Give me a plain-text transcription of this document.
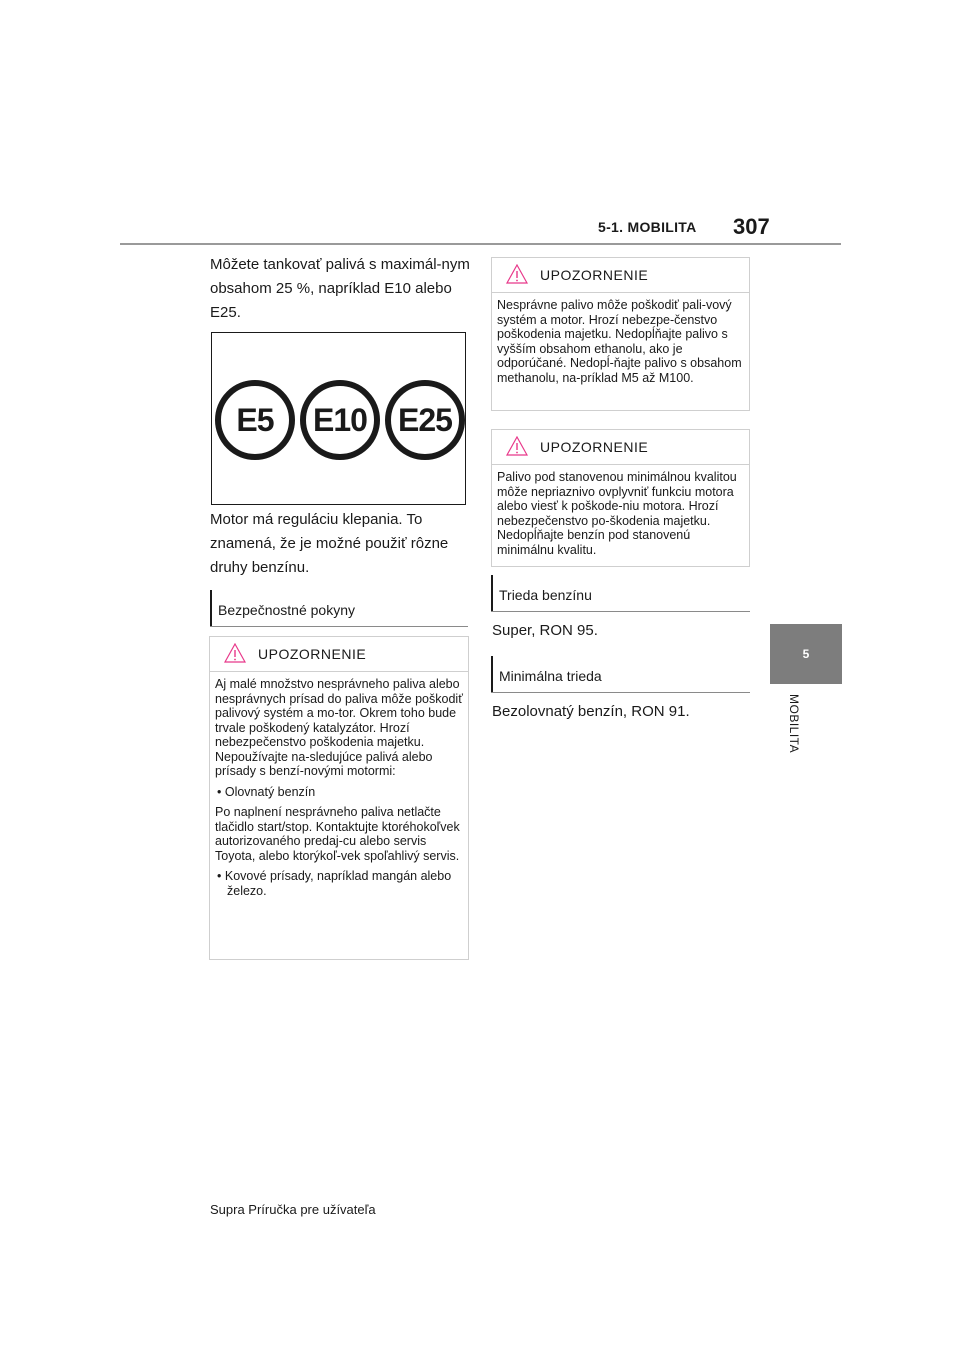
5-1. MOBILITA 307
5
MOBILITA
Môžete tankovať palivá s maximál-nym obsahom 25 %, napríklad E10 alebo E25.
E5	E10 E25
Motor má reguláciu klepania. To znamená, že je možné použiť rôzne druhy benzínu.
Bezpečnostné pokyny
UPOZORNENIE

Aj malé množstvo nesprávneho paliva alebo nesprávnych prísad do paliva môže poškodiť palivový systém a mo-tor. Okrem toho bude trvale poškodený katalyzátor. Hrozí nebezpečenstvo poškodenia majetku. Nepoužívajte na-sledujúce palivá alebo prísady s benzí-novými motormi:

• Olovnatý benzín

Po naplnení nesprávneho paliva netlačte tlačidlo start/stop. Kontaktujte ktoréhokoľvek autorizovaného predaj-cu alebo servis Toyota, alebo ktorýkoľ-vek spoľahlivý servis.

• Kovové prísady, napríklad mangán alebo železo.

UPOZORNENIE

Nesprávne palivo môže poškodiť pali-vový systém a motor. Hrozí nebezpe-čenstvo poškodenia majetku. Nedopĺňajte palivo s vyšším obsahom ethanolu, ako je odporúčané. Nedopĺ-ňajte palivo s obsahom methanolu, na-príklad M5 až M100.

UPOZORNENIE

Palivo pod stanovenou minimálnou kvalitou môže nepriaznivo ovplyvniť funkciu motora alebo viesť k poškode-niu motora. Hrozí nebezpečenstvo po-škodenia majetku. Nedopĺňajte benzín pod stanovenú minimálnu kvalitu.

Trieda benzínu
Super, RON 95.
Minimálna trieda
Bezolovnatý benzín, RON 91.
Supra Príručka pre užívateľa
